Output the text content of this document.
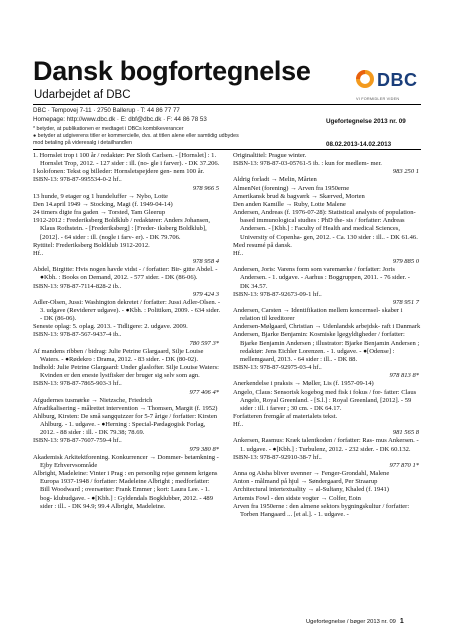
Dansk bogfortegnelse

Udarbejdet af DBC

DBC
VI FORMIDLER VIDEN
DBC · Tempovej 7-11 · 2750 Ballerup · T: 44 86 77 77
Homepage: http://www.dbc.dk · E: dbf@dbc.dk · F: 44 86 78 53	Ugefortegnelse 2013 nr. 09
* betyder, at publikationen er medtaget i DBCs kombikeverancer
● betyder at udgiverens titler er kommercielle, dvs. at titlen alene eller samtidig udbydes
mod betaling på videresalg i detailhandlen	08.02.2013-14.02.2013

1. Hornslet trop i 100 år / redaktør: Per Sloth Carlsen. - [Hornslet] : 1. Hornslet Trop, 2012. - 127 sider : ill. (no- gle i farver). - DK 37.206.

I kolofonen: Tekst og billeder: Hornsletspejdere gen- nem 100 år.

ISBN-13: 978-87-995534-0-2 hf..

978 966 5

13 hunde, 9 etager og 1 hundeluffer → Nybo, Lotte

Den 14.april 1949 → Stocking, Magi (f. 1949-04-14)

24 timers digte fra gaden → Torsted, Tam Gleerup

1912-2012 : Frederiksberg Boldklub / redaktører: Anders Johansen, Klaus Rothstein. - [Frederiksberg] : [Freder- iksberg Boldklub], [2012]. - 64 sider : ill. (nogle i farv- er). - DK 79.706.

Ryttitel: Frederiksberg Boldklub 1912-2012.

Hf..

978 958 4

Abdel, Birgitte: Hvis nogen havde vidst - / forfatter: Bir- gitte Abdel. - ●Kbh. : Books on Demand, 2012. - 577 sider. - DK (86-06).

ISBN-13: 978-87-7114-828-2 ib..

979 424 3

Adler-Olsen, Jussi: Washington dekretet / forfatter: Jussi Adler-Olsen. - 3. udgave (Reviderет udgave). - ●Kbh. : Politiken, 2009. - 634 sider. - DK (86-06).

Seneste oplag: 5. oplag. 2013. - Tidligere: 2. udgave. 2009.

ISBN-13: 978-87-567-9437-4 ib..

780 597 3*

Af mandens ribben / bidrag: Julie Petrine Glargaard, Silje Louise Waters. - ●Rødekro : Drama, 2012. - 83 sider. - DK (80-02).

Indhold: Julie Petrine Glargaard: Under glaslofter. Silje Louise Waters: Kvinden er den eneste lystfisker der bruger sig selv som agn.

ISBN-13: 978-87-7865-903-3 hf..

977 406 4*

Afgudernes tusmørke → Nietzsche, Friedrich

Afradikalisering - målrettet intervention → Thomsen, Margit (f. 1952)

Ahlburg, Kirsten: De små sangquizzer for 5-7 årige / forfatter: Kirsten Ahlburg. - 1. udgave. - ●Herning : Special-Pædagogisk Forlag, 2012. - 88 sider : ill. - DK 79.38; 78.69.

ISBN-13: 978-87-7607-759-4 hf..

979 380 8*

Akademisk Arkitektforening. Konkurrencer → Dommer- betænkning - Ejby Erhvervsområde

Albright, Madeleine: Vinter i Prag : en personlig rejse gennem krigens Europa 1937-1948 / forfatter: Madeleine Albright ; medforfatter: Bill Woodward ; oversætter: Frank Emmer ; kort: Laura Lee. - 1. bog- klubudgave. - ●[Kbh.] : Gyldendals Bogklubber, 2012. - 489 sider : ill.. - DK 94.9; 99.4 Albright, Madeleine.

Originaltitel: Prague winter.

ISBN-13: 978-87-03-05761-5 ib. : kun for medlem- mer.

983 250 1

Aldrig forladt → Melin, Mårten

AlmenNet (forening) → Arven fra 1950erne

Amerikansk brud & bagværk → Skærved, Morten

Den anden Kamille → Ruby, Lotte Malene

Andersen, Andreas (f. 1976-07-28): Statistical analysis of population-based immunological studies : PhD the- sis / forfatter: Andreas Andersen. - [Kbh.] : Faculty of Health and medical Sciences, University of Copenha- gen, 2012. - Ca. 130 sider : ill.. - DK 61.46.

Med resumé på dansk.

Hf..

979 885 0

Andersen, Joris: Varens form som varemærke / forfatter: Joris Andersen. - 1. udgave. - Aarhus : Boggruppen, 2011. - 76 sider. - DK 34.57.

ISBN-13: 978-87-92673-09-1 hf..

978 951 7

Andersen, Carsten → Identifikation mellem koncernsel- skaber i relation til kreditorer

Andersen-Mølgaard, Christian → Udenlandsk arbejdsk- raft i Danmark

Andersen, Bjarke Benjamin: Kosmiske lgegyldigheder / forfatter: Bjarke Benjamin Andersen ; illustrator: Bjarke Benjamin Andersen ; redaktør: Jens Eichler Lorenzen. - 1. udgave. - ●[Odense] : mellemgaard, 2013. - 64 sider : ill.. - DK 88.

ISBN-13: 978-87-92975-03-4 hf..

978 813 8*

Anerkendelse i praksis → Møller, Lis (f. 1957-09-14)

Angelo, Claus: Sensorisk kogebog med fisk i fokus / for- fatter: Claus Angelo, Royal Greenland. - [S.l.] : Royal Greenland, [2012]. - 59 sider : ill. i farver ; 30 cm. - DK 64.17.

Forfatteren fremgår af materialets tekst.

Hf..

981 565 8

Ankersen, Rasmus: Kræk talentkoden / forfatter: Ras- mus Ankersen. - 1. udgave. - ●[Kbh.] : Turbulenz, 2012. - 232 sider. - DK 60.132.

ISBN-13: 978-87-92910-38-7 hf..

977 870 1*

Anna og Aisha bliver uvenner → Fenger-Grondahl, Malene

Anton - målmand på hjul → Søndergaard, Per Straarup

Architectural intertextuality → al-Sultany, Khaled (f. 1941)

Artemis Fowl - den sidste vogter → Colfer, Eoin

Arven fra 1950erne : den almene sektors bygningskultur / forfatter: Torben Hangaard ... [et al.]. - 1. udgave. -

Ugefortegnelse / bøger 2013 nr. 09 1
